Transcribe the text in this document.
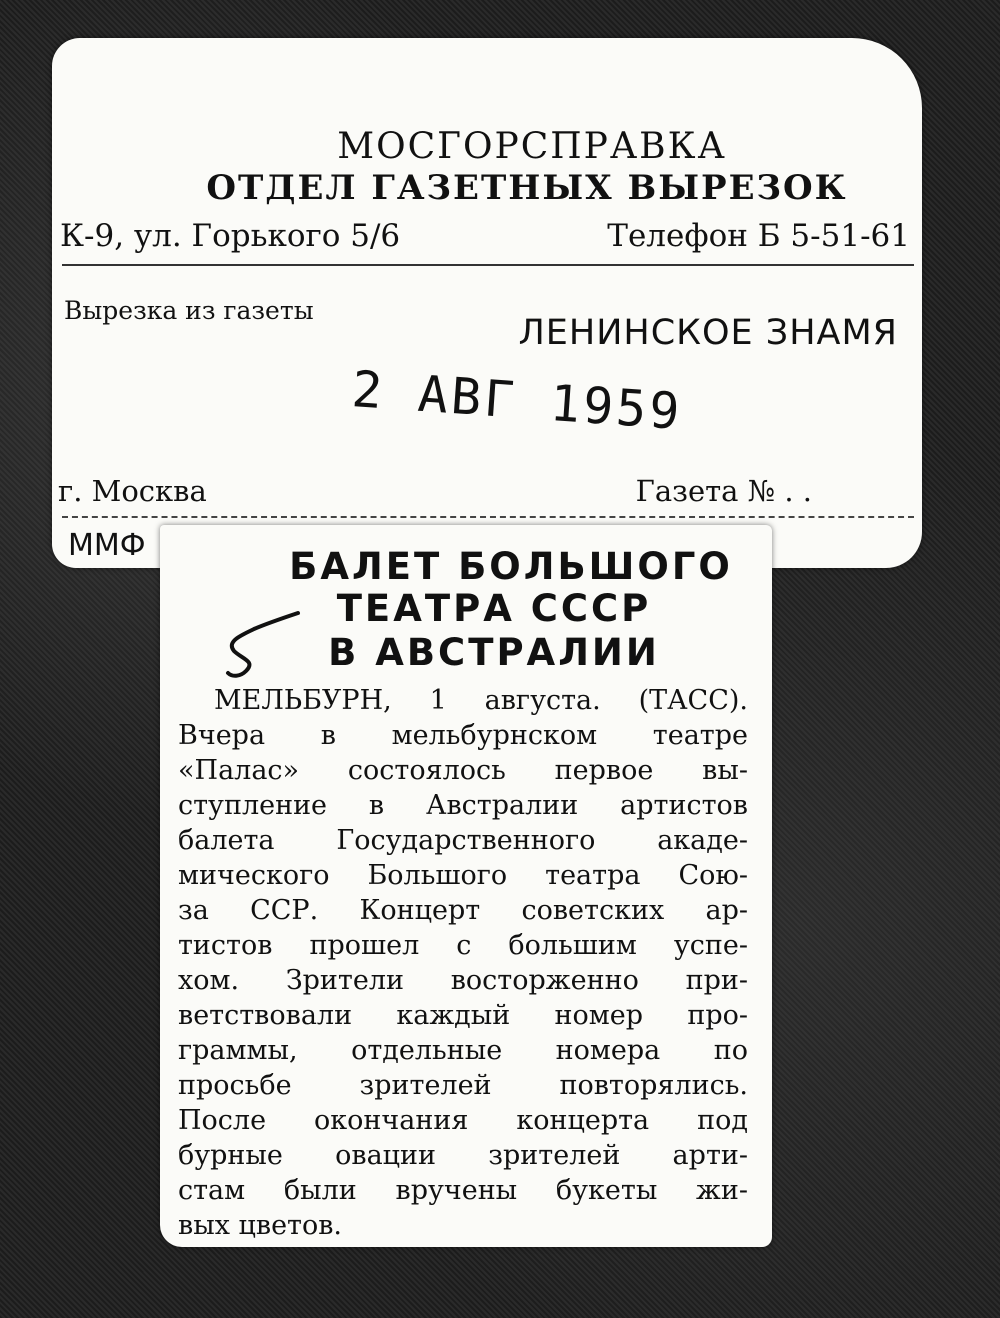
МОСГОРСПРАВКА
ОТДЕЛ ГАЗЕТНЫХ ВЫРЕЗОК
К-9, ул. Горького 5/6	Телефон Б 5-51-61
Вырезка из газеты
ЛЕНИНСКОЕ ЗНАМЯ
2 АВГ 1959
г. Москва	Газета № . .
ММФ	БАЛЕТ БОЛЬШОГО
ТЕАТРА СССР
В АВСТРАЛИИ
МЕЛЬБУРН, 1 августа. (ТАСС).
Вчера в мельбурнском театре
«Палас» состоялось первое вы-
ступление в Австралии артистов
балета Государственного акаде-
мического Большого театра Сою-
за ССР. Концерт советских ар-
тистов прошел с большим успе-
хом. Зрители восторженно при-
ветствовали каждый номер про-
граммы, отдельные номера по
просьбе зрителей повторялись.
После окончания концерта под
бурные овации зрителей арти-
стам были вручены букеты жи-
вых цветов.
